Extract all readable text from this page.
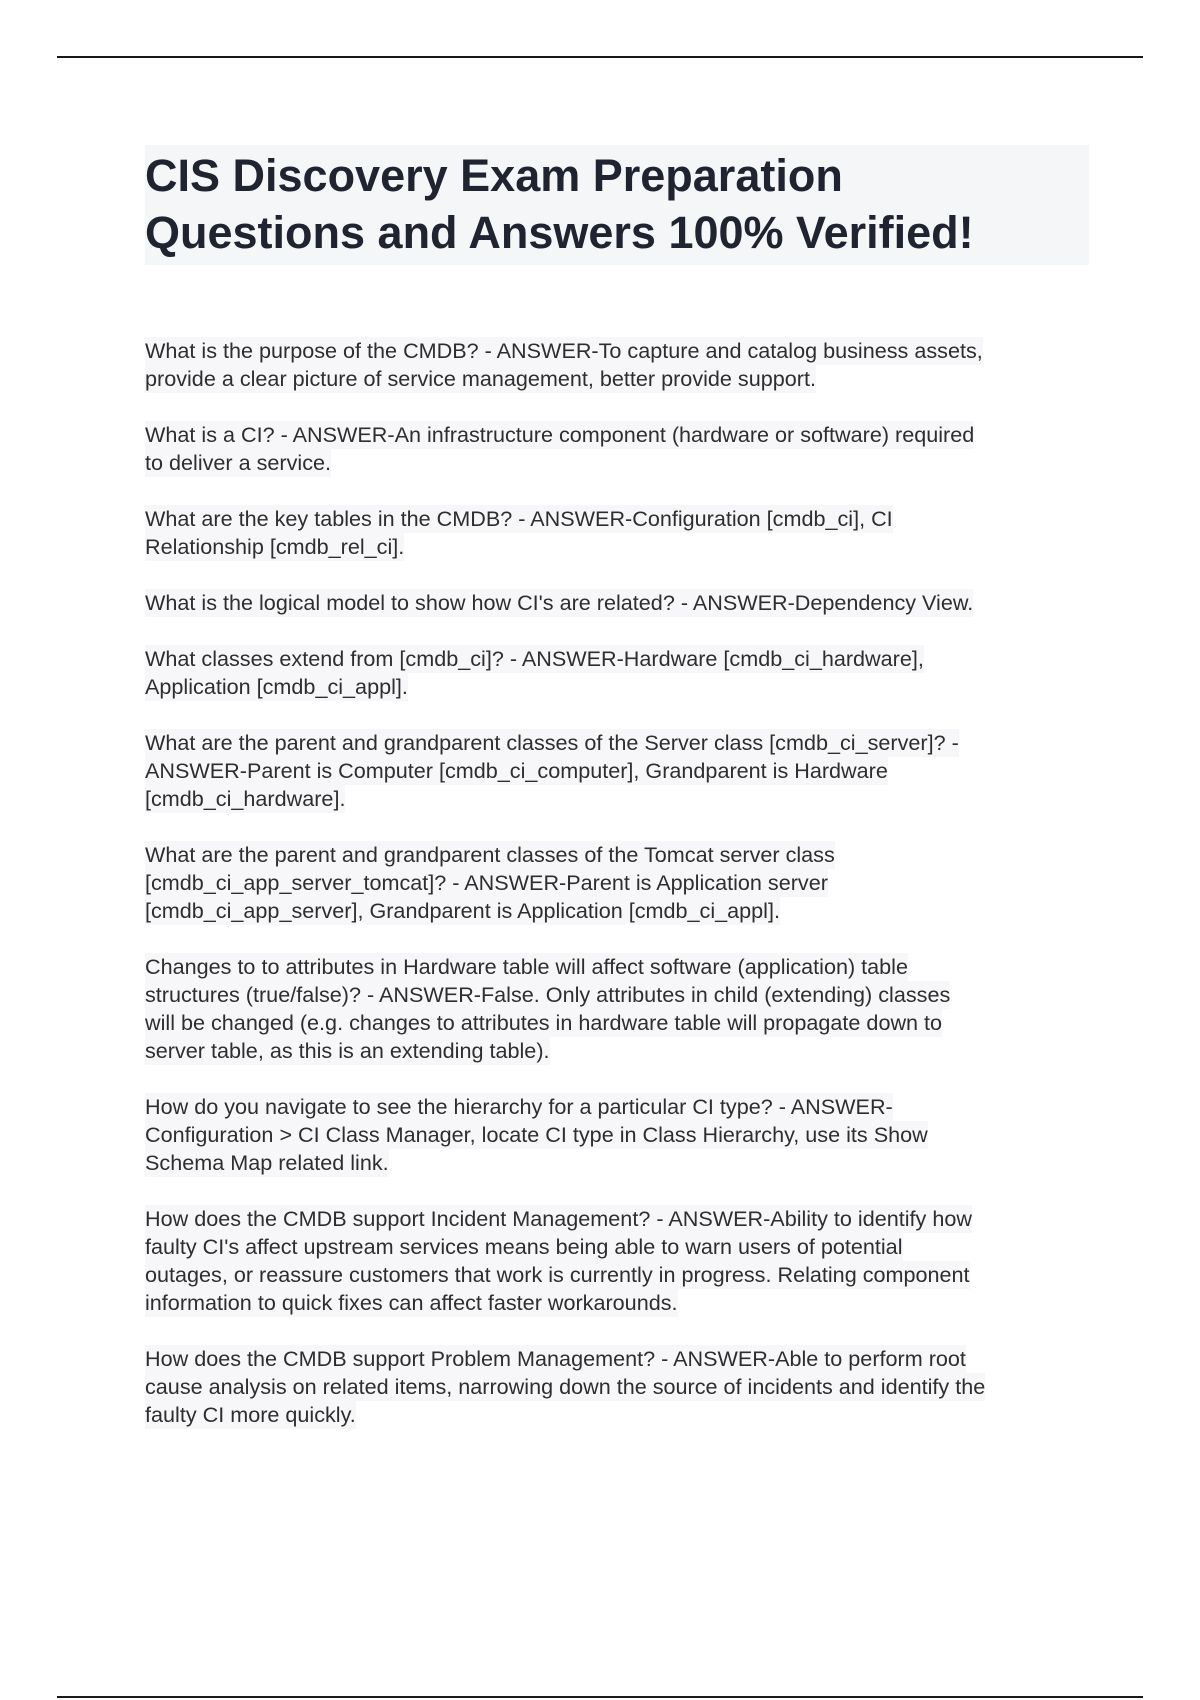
CIS Discovery Exam Preparation

Questions and Answers 100% Verified!

What is the purpose of the CMDB? - ANSWER-To capture and catalog business assets,
provide a clear picture of service management, better provide support.
What is a CI? - ANSWER-An infrastructure component (hardware or software) required
to deliver a service.
What are the key tables in the CMDB? - ANSWER-Configuration [cmdb_ci], CI
Relationship [cmdb_rel_ci].
What is the logical model to show how CI's are related? - ANSWER-Dependency View.
What classes extend from [cmdb_ci]? - ANSWER-Hardware [cmdb_ci_hardware],
Application [cmdb_ci_appl].
What are the parent and grandparent classes of the Server class [cmdb_ci_server]? -
ANSWER-Parent is Computer [cmdb_ci_computer], Grandparent is Hardware
[cmdb_ci_hardware].
What are the parent and grandparent classes of the Tomcat server class
[cmdb_ci_app_server_tomcat]? - ANSWER-Parent is Application server
[cmdb_ci_app_server], Grandparent is Application [cmdb_ci_appl].
Changes to to attributes in Hardware table will affect software (application) table
structures (true/false)? - ANSWER-False. Only attributes in child (extending) classes
will be changed (e.g. changes to attributes in hardware table will propagate down to
server table, as this is an extending table).
How do you navigate to see the hierarchy for a particular CI type? - ANSWER-
Configuration > CI Class Manager, locate CI type in Class Hierarchy, use its Show
Schema Map related link.
How does the CMDB support Incident Management? - ANSWER-Ability to identify how
faulty CI's affect upstream services means being able to warn users of potential
outages, or reassure customers that work is currently in progress. Relating component
information to quick fixes can affect faster workarounds.
How does the CMDB support Problem Management? - ANSWER-Able to perform root
cause analysis on related items, narrowing down the source of incidents and identify the
faulty CI more quickly.
